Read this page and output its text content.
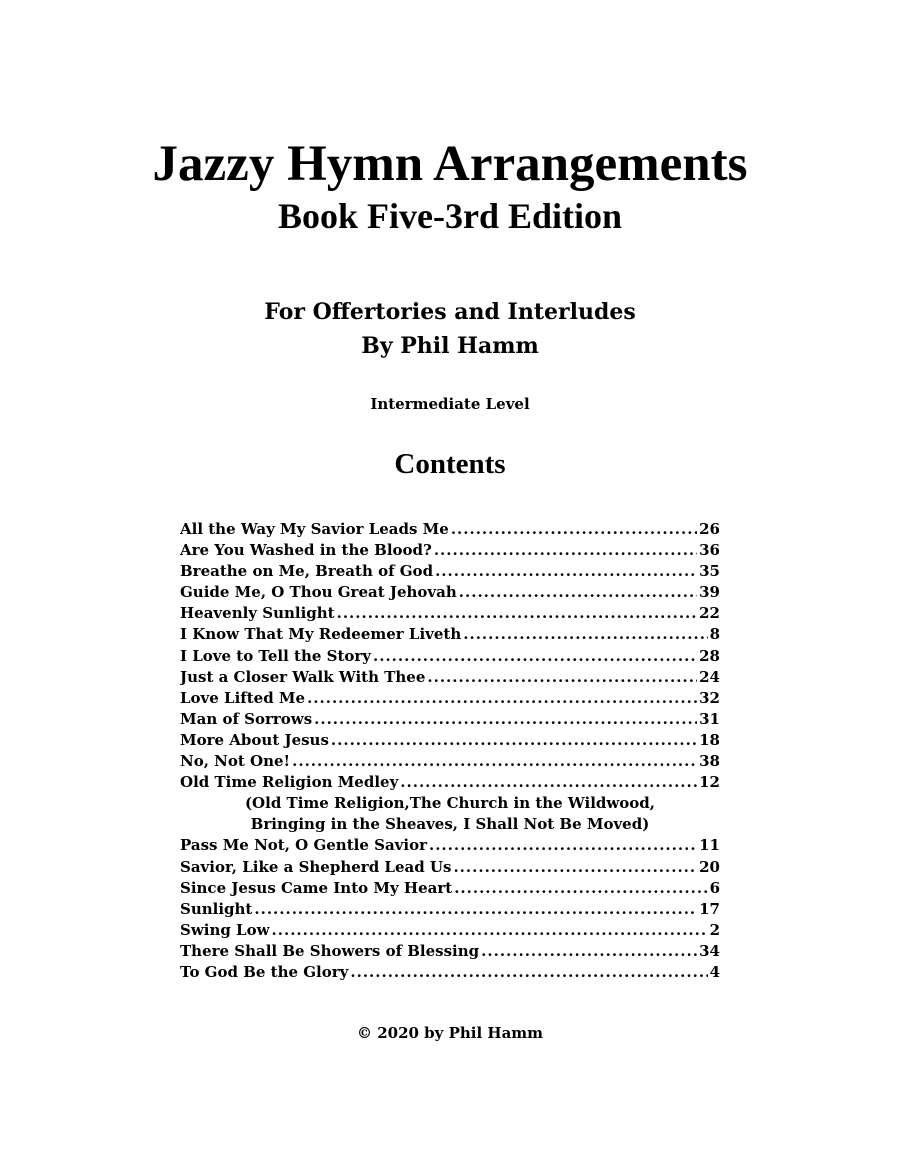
Jazzy Hymn Arrangements
Book Five-3rd Edition
For Offertories and Interludes
By Phil Hamm
Intermediate Level
Contents
All the Way My Savior Leads Me .....	26
Are You Washed in the Blood? .....	36
Breathe on Me, Breath of God .....	35
Guide Me, O Thou Great Jehovah .....	39
Heavenly Sunlight .....	22
I Know That My Redeemer Liveth .....	8
I Love to Tell the Story .....	28
Just a Closer Walk With Thee .....	24
Love Lifted Me .....	32
Man of Sorrows .....	31
More About Jesus .....	18
No, Not One! .....	38
Old Time Religion Medley .....	12
(Old Time Religion,The Church in the Wildwood,
Bringing in the Sheaves, I Shall Not Be Moved)
Pass Me Not, O Gentle Savior .....	11
Savior, Like a Shepherd Lead Us .....	20
Since Jesus Came Into My Heart .....	6
Sunlight .....	17
Swing Low .....	2
There Shall Be Showers of Blessing .....	34
To God Be the Glory .....	4
© 2020 by Phil Hamm
